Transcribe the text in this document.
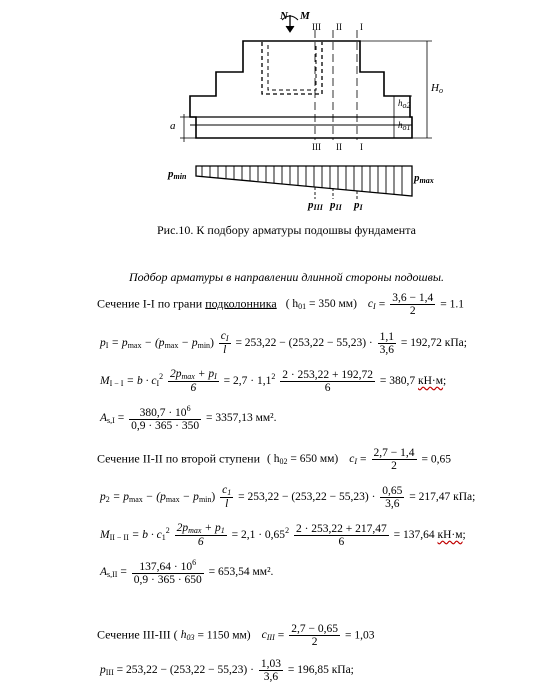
N M
III II I
III II I
$H_o$
ho2
ho1
a
$p_{min}$	$p_{max}$
$p_{III}$ $p_{II}$ $p_I$
Рис.10. К подбору арматуры подошвы фундамента
Подбор арматуры в направлении длинной стороны подошвы.
Сечение I-I по грани подколонника ( $h_{01} = 350$ мм) $c_I = \frac{3,6 - 1,4}{2} = 1.1$
$p_I = p_{max} - (p_{max} - p_{min}) \frac{c_I}{l} = 253,22 - (253,22 - 55,23) \cdot \frac{1,1}{3,6} = 192,72$ кПа;
$M_{I - I} = b \cdot c_I^2 \frac{2p_{max} + p_I}{6} = 2,7 \cdot 1,1^2 \frac{2 \cdot 253,22 + 192,72}{6} = 380,7$ кН·м;
$A_{s,I} = \frac{380,7 \cdot 10^6}{0,9 \cdot 365 \cdot 350} = 3357,13$ мм².
Сечение II-II по второй ступени ( $h_{02} = 650$ мм) $c_I = \frac{2,7 - 1,4}{2} = 0,65$
$p_2 = p_{max} - (p_{max} - p_{min}) \frac{c_1}{l} = 253,22 - (253,22 - 55,23) \cdot \frac{0,65}{3,6} = 217,47$ кПа;
$M_{II - II} = b \cdot c_1^2 \frac{2p_{max} + p_1}{6} = 2,1 \cdot 0,65^2 \frac{2 \cdot 253,22 + 217,47}{6} = 137,64$ кН·м;
$A_{s,II} = \frac{137,64 \cdot 10^6}{0,9 \cdot 365 \cdot 650} = 653,54$ мм².
Сечение III-III ( $h_{03} = 1150$ мм) $c_{III} = \frac{2,7 - 0,65}{2} = 1,03$
$p_{III} = 253,22 - (253,22 - 55,23) \cdot \frac{1,03}{3,6} = 196,85$ кПа;
